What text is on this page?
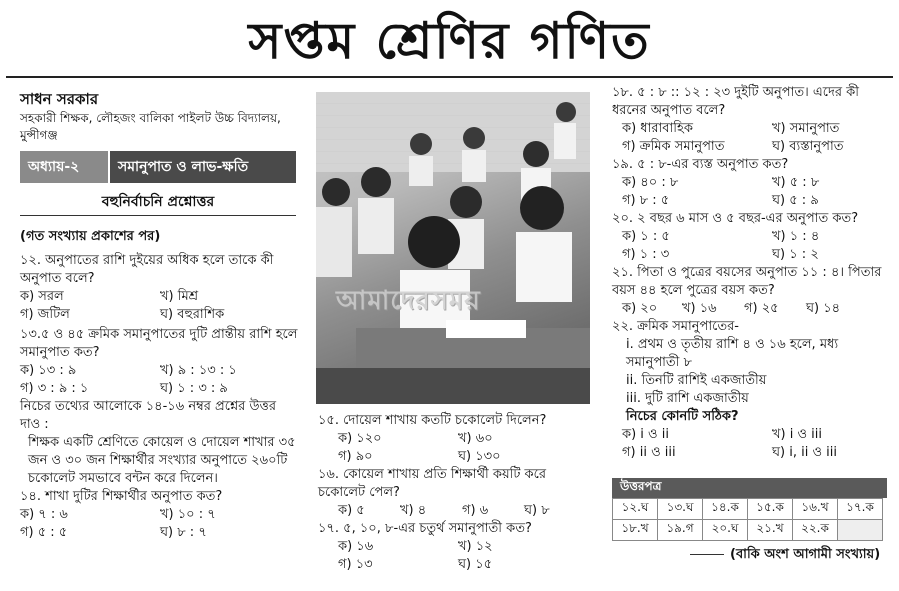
সপ্তম শ্রেণির গণিত
সাধন সরকার
সহকারী শিক্ষক, লৌহজং বালিকা পাইলট উচ্চ বিদ্যালয়, মুন্সীগঞ্জ
অধ্যায়-২	সমানুপাত ও লাভ-ক্ষতি
বহুনির্বাচনি প্রশ্নোত্তর
(গত সংখ্যায় প্রকাশের পর)
১২. অনুপাতের রাশি দুইয়ের অধিক হলে তাকে কী অনুপাত বলে?
ক) সরল	খ) মিশ্র
গ) জটিল	ঘ) বহুরাশিক
১৩.৫ ও ৪৫ ক্রমিক সমানুপাতের দুটি প্রান্তীয় রাশি হলে সমানুপাত কত?
ক) ১৩ : ৯	খ) ৯ : ১৩ : ১
গ) ৩ : ৯ : ১	ঘ) ১ : ৩ : ৯
নিচের তথ্যের আলোকে ১৪-১৬ নম্বর প্রশ্নের উত্তর দাও :
শিক্ষক একটি শ্রেণিতে কোয়েল ও দোয়েল শাখার ৩৫ জন ও ৩০ জন শিক্ষার্থীর সংখ্যার অনুপাতে ২৬০টি চকোলেট সমভাবে বন্টন করে দিলেন।
১৪. শাখা দুটির শিক্ষার্থীর অনুপাত কত?
ক) ৭ : ৬	খ) ১০ : ৭
গ) ৫ : ৫	ঘ) ৮ : ৭
আমাদেরসময়
১৫. দোয়েল শাখায় কতটি চকোলেট দিলেন?
ক) ১২০	খ) ৬০
গ) ৯০	ঘ) ১৩০
১৬. কোয়েল শাখায় প্রতি শিক্ষার্থী কয়টি করে চকোলেট পেল?
ক) ৫	খ) ৪	গ) ৬	ঘ) ৮
১৭. ৫, ১০, ৮-এর চতুর্থ সমানুপাতী কত?
ক) ১৬	খ) ১২
গ) ১৩	ঘ) ১৫
১৮. ৫ : ৮ :: ১২ : ২৩ দুইটি অনুপাত। এদের কী ধরনের অনুপাত বলে?
ক) ধারাবাহিক	খ) সমানুপাত
গ) ক্রমিক সমানুপাত	ঘ) ব্যস্তানুপাত
১৯. ৫ : ৮-এর ব্যস্ত অনুপাত কত?
ক) ৪০ : ৮	খ) ৫ : ৮
গ) ৮ : ৫	ঘ) ৫ : ৯
২০. ২ বছর ৬ মাস ও ৫ বছর-এর অনুপাত কত?
ক) ১ : ৫	খ) ১ : ৪
গ) ১ : ৩	ঘ) ১ : ২
২১. পিতা ও পুত্রের বয়সের অনুপাত ১১ : ৪। পিতার বয়স ৪৪ হলে পুত্রের বয়স কত?
ক) ২০	খ) ১৬	গ) ২৫	ঘ) ১৪
২২. ক্রমিক সমানুপাতের-
i. প্রথম ও তৃতীয় রাশি ৪ ও ১৬ হলে, মধ্য সমানুপাতী ৮
ii. তিনটি রাশিই একজাতীয়
iii. দুটি রাশি একজাতীয়
নিচের কোনটি সঠিক?
ক) i ও ii	খ) i ও iii
গ) ii ও iii	ঘ) i, ii ও iii
উত্তরপত্র
১২.ঘ	১৩.ঘ	১৪.ক	১৫.ক	১৬.খ	১৭.ক
১৮.খ	১৯.গ	২০.ঘ	২১.খ	২২.ক	
(বাকি অংশ আগামী সংখ্যায়)
